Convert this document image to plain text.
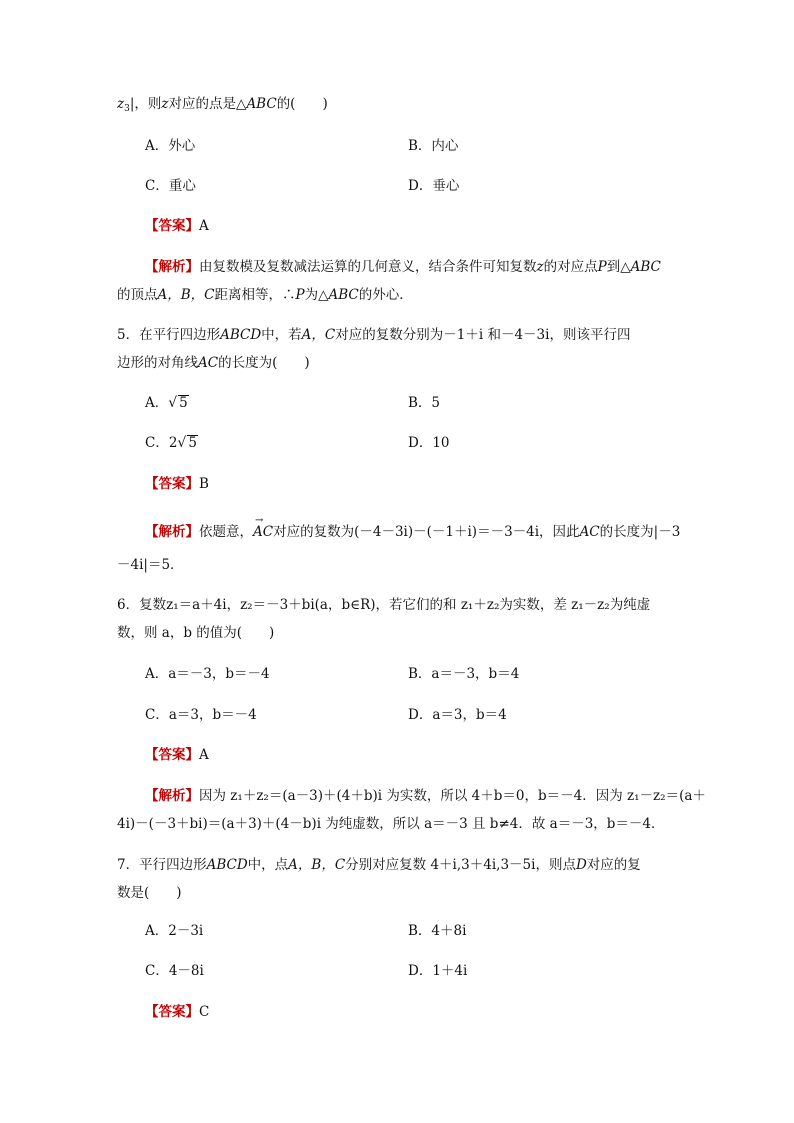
$z_3|$，则z对应的点是△ABC的(　　)
A．外心	B．内心
C．重心	D．垂心
【答案】A
【解析】由复数模及复数减法运算的几何意义，结合条件可知复数z的对应点P到△ABC
的顶点A，B，C距离相等，∴P为△ABC的外心．
5．在平行四边形ABCD中，若A，C对应的复数分别为－1＋i 和－4－3i，则该平行四
边形的对角线AC的长度为(　　)
A．√ 5	B．5
C．2√ 5	D．10
【答案】B
【解析】依题意，→ AC对应的复数为(－4－3i)－(－1＋i)＝－3－4i，因此AC的长度为|－3
－4i|＝5．
6．复数z₁＝a＋4i，z₂＝－3＋bi(a，b∈R)，若它们的和 z₁＋z₂为实数，差 z₁－z₂为纯虚
数，则 a，b 的值为(　　)
A．a＝－3，b＝－4	B．a＝－3，b＝4
C．a＝3，b＝－4	D．a＝3，b＝4
【答案】A
【解析】因为 z₁＋z₂＝(a－3)＋(4＋b)i 为实数，所以 4＋b＝0，b＝－4．因为 z₁－z₂＝(a＋
4i)－(－3＋bi)＝(a＋3)＋(4－b)i 为纯虚数，所以 a＝－3 且 b≠4．故 a＝－3，b＝－4．
7．平行四边形ABCD中，点A，B，C分别对应复数 4＋i,3＋4i,3－5i，则点D对应的复
数是(　　)
A．2－3i	B．4＋8i
C．4－8i	D．1＋4i
【答案】C
